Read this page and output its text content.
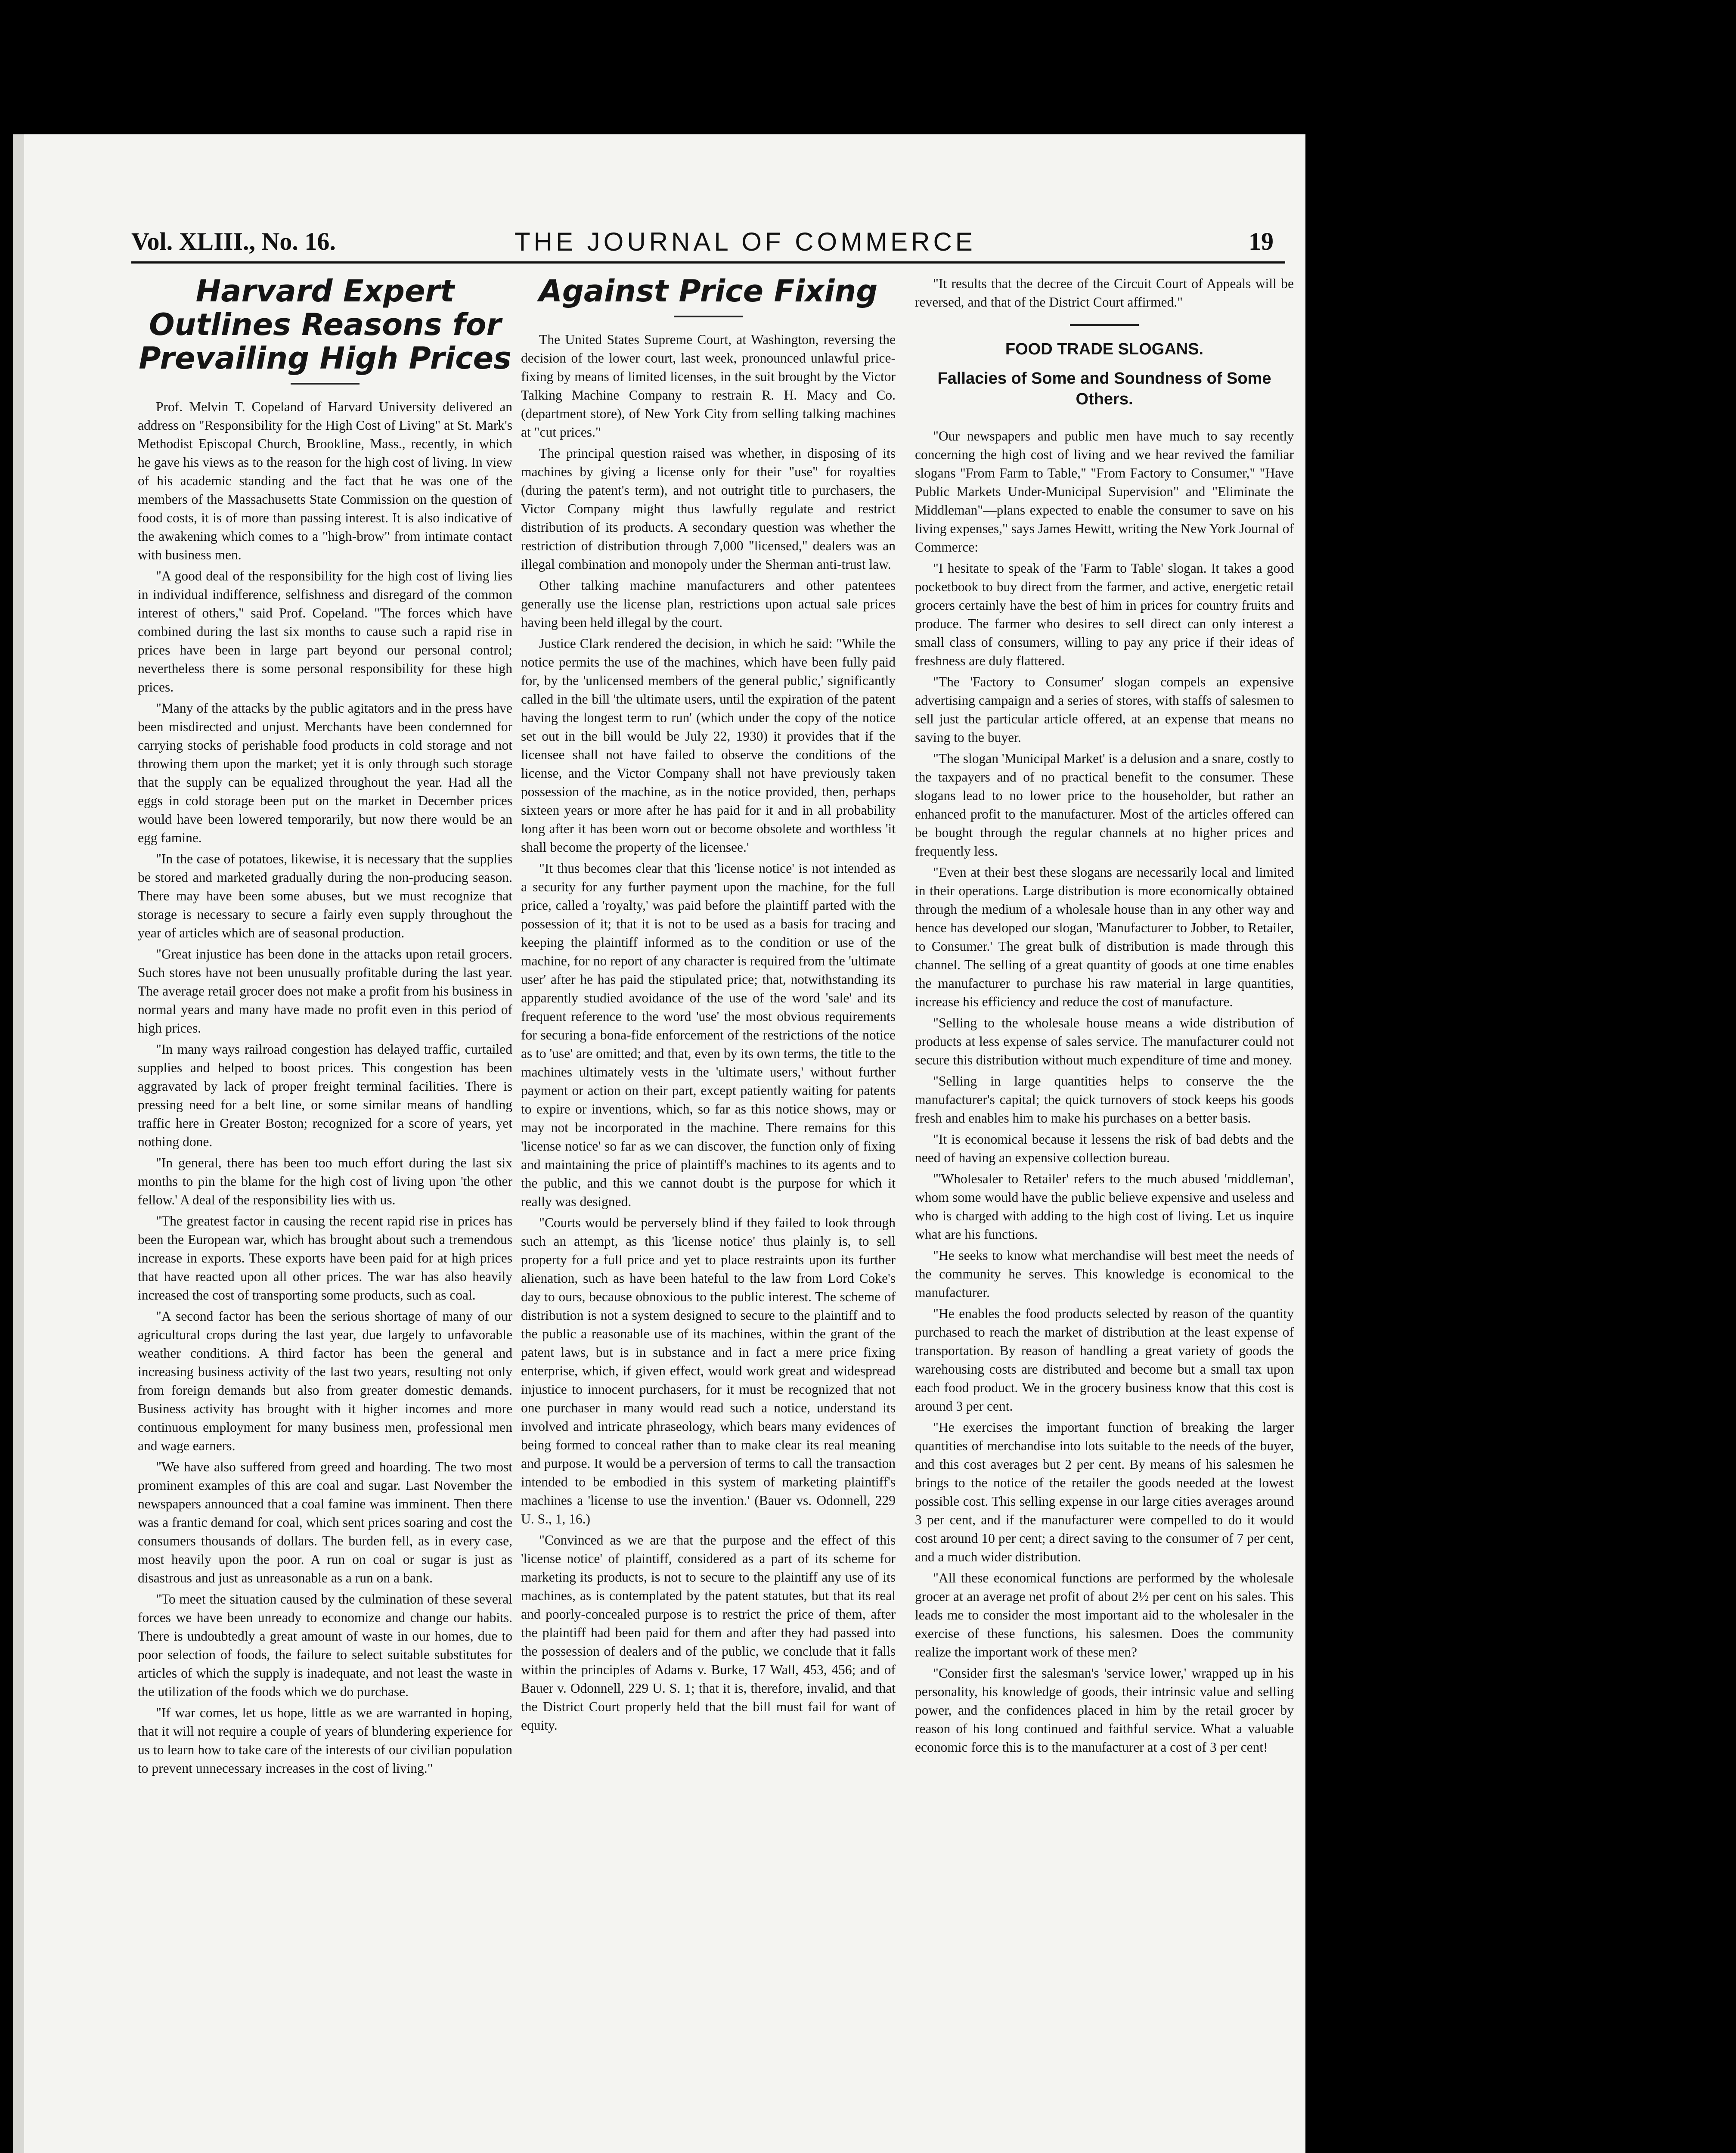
Vol. XLIII., No. 16.	THE JOURNAL OF COMMERCE	19
Harvard Expert Outlines Reasons for Prevailing High Prices

Prof. Melvin T. Copeland of Harvard University delivered an address on "Responsibility for the High Cost of Living" at St. Mark's Methodist Episcopal Church, Brookline, Mass., recently, in which he gave his views as to the reason for the high cost of living. In view of his academic standing and the fact that he was one of the members of the Massachusetts State Commission on the question of food costs, it is of more than passing interest. It is also indicative of the awakening which comes to a "high-brow" from intimate contact with business men.

"A good deal of the responsibility for the high cost of living lies in individual indifference, selfishness and disregard of the common interest of others," said Prof. Copeland. "The forces which have combined during the last six months to cause such a rapid rise in prices have been in large part beyond our personal control; nevertheless there is some personal responsibility for these high prices.

"Many of the attacks by the public agitators and in the press have been misdirected and unjust. Merchants have been condemned for carrying stocks of perishable food products in cold storage and not throwing them upon the market; yet it is only through such storage that the supply can be equalized throughout the year. Had all the eggs in cold storage been put on the market in December prices would have been lowered temporarily, but now there would be an egg famine.

"In the case of potatoes, likewise, it is necessary that the supplies be stored and marketed gradually during the non-producing season. There may have been some abuses, but we must recognize that storage is necessary to secure a fairly even supply throughout the year of articles which are of seasonal production.

"Great injustice has been done in the attacks upon retail grocers. Such stores have not been unusually profitable during the last year. The average retail grocer does not make a profit from his business in normal years and many have made no profit even in this period of high prices.

"In many ways railroad congestion has delayed traffic, curtailed supplies and helped to boost prices. This congestion has been aggravated by lack of proper freight terminal facilities. There is pressing need for a belt line, or some similar means of handling traffic here in Greater Boston; recognized for a score of years, yet nothing done.

"In general, there has been too much effort during the last six months to pin the blame for the high cost of living upon 'the other fellow.' A deal of the responsibility lies with us.

"The greatest factor in causing the recent rapid rise in prices has been the European war, which has brought about such a tremendous increase in exports. These exports have been paid for at high prices that have reacted upon all other prices. The war has also heavily increased the cost of transporting some products, such as coal.

"A second factor has been the serious shortage of many of our agricultural crops during the last year, due largely to unfavorable weather conditions. A third factor has been the general and increasing business activity of the last two years, resulting not only from foreign demands but also from greater domestic demands. Business activity has brought with it higher incomes and more continuous employment for many business men, professional men and wage earners.

"We have also suffered from greed and hoarding. The two most prominent examples of this are coal and sugar. Last November the newspapers announced that a coal famine was imminent. Then there was a frantic demand for coal, which sent prices soaring and cost the consumers thousands of dollars. The burden fell, as in every case, most heavily upon the poor. A run on coal or sugar is just as disastrous and just as unreasonable as a run on a bank.

"To meet the situation caused by the culmination of these several forces we have been unready to economize and change our habits. There is undoubtedly a great amount of waste in our homes, due to poor selection of foods, the failure to select suitable substitutes for articles of which the supply is inadequate, and not least the waste in the utilization of the foods which we do purchase.

"If war comes, let us hope, little as we are warranted in hoping, that it will not require a couple of years of blundering experience for us to learn how to take care of the interests of our civilian population to prevent unnecessary increases in the cost of living."

Against Price Fixing

The United States Supreme Court, at Washington, reversing the decision of the lower court, last week, pronounced unlawful price-fixing by means of limited licenses, in the suit brought by the Victor Talking Machine Company to restrain R. H. Macy and Co. (department store), of New York City from selling talking machines at "cut prices."

The principal question raised was whether, in disposing of its machines by giving a license only for their "use" for royalties (during the patent's term), and not outright title to purchasers, the Victor Company might thus lawfully regulate and restrict distribution of its products. A secondary question was whether the restriction of distribution through 7,000 "licensed," dealers was an illegal combination and monopoly under the Sherman anti-trust law.

Other talking machine manufacturers and other patentees generally use the license plan, restrictions upon actual sale prices having been held illegal by the court.

Justice Clark rendered the decision, in which he said: "While the notice permits the use of the machines, which have been fully paid for, by the 'unlicensed members of the general public,' significantly called in the bill 'the ultimate users, until the expiration of the patent having the longest term to run' (which under the copy of the notice set out in the bill would be July 22, 1930) it provides that if the licensee shall not have failed to observe the conditions of the license, and the Victor Company shall not have previously taken possession of the machine, as in the notice provided, then, perhaps sixteen years or more after he has paid for it and in all probability long after it has been worn out or become obsolete and worthless 'it shall become the property of the licensee.'

"It thus becomes clear that this 'license notice' is not intended as a security for any further payment upon the machine, for the full price, called a 'royalty,' was paid before the plaintiff parted with the possession of it; that it is not to be used as a basis for tracing and keeping the plaintiff informed as to the condition or use of the machine, for no report of any character is required from the 'ultimate user' after he has paid the stipulated price; that, notwithstanding its apparently studied avoidance of the use of the word 'sale' and its frequent reference to the word 'use' the most obvious requirements for securing a bona-fide enforcement of the restrictions of the notice as to 'use' are omitted; and that, even by its own terms, the title to the machines ultimately vests in the 'ultimate users,' without further payment or action on their part, except patiently waiting for patents to expire or inventions, which, so far as this notice shows, may or may not be incorporated in the machine. There remains for this 'license notice' so far as we can discover, the function only of fixing and maintaining the price of plaintiff's machines to its agents and to the public, and this we cannot doubt is the purpose for which it really was designed.

"Courts would be perversely blind if they failed to look through such an attempt, as this 'license notice' thus plainly is, to sell property for a full price and yet to place restraints upon its further alienation, such as have been hateful to the law from Lord Coke's day to ours, because obnoxious to the public interest. The scheme of distribution is not a system designed to secure to the plaintiff and to the public a reasonable use of its machines, within the grant of the patent laws, but is in substance and in fact a mere price fixing enterprise, which, if given effect, would work great and widespread injustice to innocent purchasers, for it must be recognized that not one purchaser in many would read such a notice, understand its involved and intricate phraseology, which bears many evidences of being formed to conceal rather than to make clear its real meaning and purpose. It would be a perversion of terms to call the transaction intended to be embodied in this system of marketing plaintiff's machines a 'license to use the invention.' (Bauer vs. Odonnell, 229 U. S., 1, 16.)

"Convinced as we are that the purpose and the effect of this 'license notice' of plaintiff, considered as a part of its scheme for marketing its products, is not to secure to the plaintiff any use of its machines, as is contemplated by the patent statutes, but that its real and poorly-concealed purpose is to restrict the price of them, after the plaintiff had been paid for them and after they had passed into the possession of dealers and of the public, we conclude that it falls within the principles of Adams v. Burke, 17 Wall, 453, 456; and of Bauer v. Odonnell, 229 U. S. 1; that it is, therefore, invalid, and that the District Court properly held that the bill must fail for want of equity.

"It results that the decree of the Circuit Court of Appeals will be reversed, and that of the District Court affirmed."

FOOD TRADE SLOGANS.
Fallacies of Some and Soundness of Some Others.

"Our newspapers and public men have much to say recently concerning the high cost of living and we hear revived the familiar slogans "From Farm to Table," "From Factory to Consumer," "Have Public Markets Under-Municipal Supervision" and "Eliminate the Middleman"—plans expected to enable the consumer to save on his living expenses," says James Hewitt, writing the New York Journal of Commerce:

"I hesitate to speak of the 'Farm to Table' slogan. It takes a good pocketbook to buy direct from the farmer, and active, energetic retail grocers certainly have the best of him in prices for country fruits and produce. The farmer who desires to sell direct can only interest a small class of consumers, willing to pay any price if their ideas of freshness are duly flattered.

"The 'Factory to Consumer' slogan compels an expensive advertising campaign and a series of stores, with staffs of salesmen to sell just the particular article offered, at an expense that means no saving to the buyer.

"The slogan 'Municipal Market' is a delusion and a snare, costly to the taxpayers and of no practical benefit to the consumer. These slogans lead to no lower price to the householder, but rather an enhanced profit to the manufacturer. Most of the articles offered can be bought through the regular channels at no higher prices and frequently less.

"Even at their best these slogans are necessarily local and limited in their operations. Large distribution is more economically obtained through the medium of a wholesale house than in any other way and hence has developed our slogan, 'Manufacturer to Jobber, to Retailer, to Consumer.' The great bulk of distribution is made through this channel. The selling of a great quantity of goods at one time enables the manufacturer to purchase his raw material in large quantities, increase his efficiency and reduce the cost of manufacture.

"Selling to the wholesale house means a wide distribution of products at less expense of sales service. The manufacturer could not secure this distribution without much expenditure of time and money.

"Selling in large quantities helps to conserve the the manufacturer's capital; the quick turnovers of stock keeps his goods fresh and enables him to make his purchases on a better basis.

"It is economical because it lessens the risk of bad debts and the need of having an expensive collection bureau.

"'Wholesaler to Retailer' refers to the much abused 'middleman', whom some would have the public believe expensive and useless and who is charged with adding to the high cost of living. Let us inquire what are his functions.

"He seeks to know what merchandise will best meet the needs of the community he serves. This knowledge is economical to the manufacturer.

"He enables the food products selected by reason of the quantity purchased to reach the market of distribution at the least expense of transportation. By reason of handling a great variety of goods the warehousing costs are distributed and become but a small tax upon each food product. We in the grocery business know that this cost is around 3 per cent.

"He exercises the important function of breaking the larger quantities of merchandise into lots suitable to the needs of the buyer, and this cost averages but 2 per cent. By means of his salesmen he brings to the notice of the retailer the goods needed at the lowest possible cost. This selling expense in our large cities averages around 3 per cent, and if the manufacturer were compelled to do it would cost around 10 per cent; a direct saving to the consumer of 7 per cent, and a much wider distribution.

"All these economical functions are performed by the wholesale grocer at an average net profit of about 2½ per cent on his sales. This leads me to consider the most important aid to the wholesaler in the exercise of these functions, his salesmen. Does the community realize the important work of these men?

"Consider first the salesman's 'service lower,' wrapped up in his personality, his knowledge of goods, their intrinsic value and selling power, and the confidences placed in him by the retail grocer by reason of his long continued and faithful service. What a valuable economic force this is to the manufacturer at a cost of 3 per cent!
